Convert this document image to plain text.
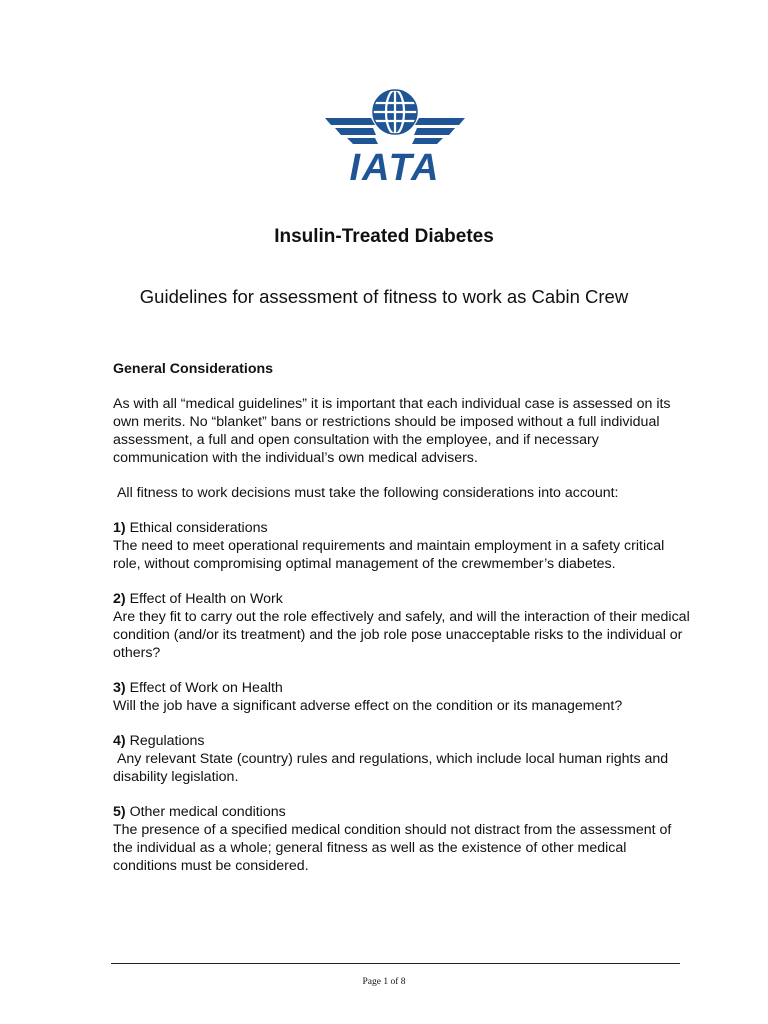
IATA
Insulin-Treated Diabetes
Guidelines for assessment of fitness to work as Cabin Crew

General Considerations

As with all “medical guidelines” it is important that each individual case is assessed on its own merits. No “blanket” bans or restrictions should be imposed without a full individual assessment, a full and open consultation with the employee, and if necessary communication with the individual’s own medical advisers.

All fitness to work decisions must take the following considerations into account:

1) Ethical considerations
The need to meet operational requirements and maintain employment in a safety critical role, without compromising optimal management of the crewmember’s diabetes.
2) Effect of Health on Work
Are they fit to carry out the role effectively and safely, and will the interaction of their medical condition (and/or its treatment) and the job role pose unacceptable risks to the individual or others?
3) Effect of Work on Health
Will the job have a significant adverse effect on the condition or its management?
4) Regulations
Any relevant State (country) rules and regulations, which include local human rights and disability legislation.
5) Other medical conditions
The presence of a specified medical condition should not distract from the assessment of the individual as a whole; general fitness as well as the existence of other medical conditions must be considered.
Page 1 of 8
